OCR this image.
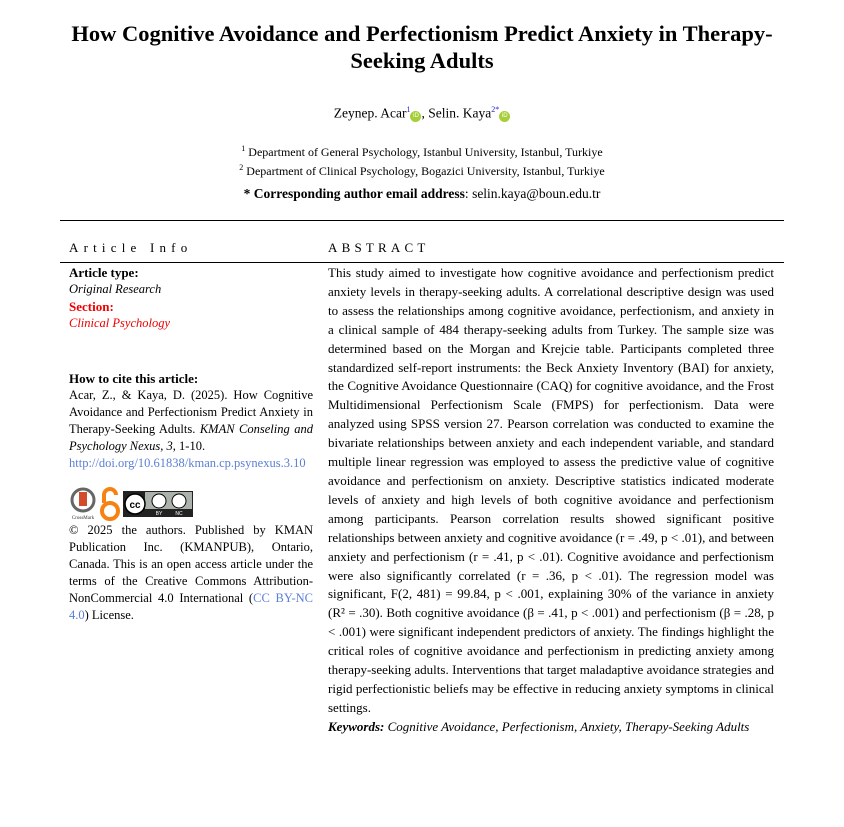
How Cognitive Avoidance and Perfectionism Predict Anxiety in Therapy-Seeking Adults
Zeynep. Acar$^1$iD , Selin. Kaya$^{2*}$iD
$^1$ Department of General Psychology, Istanbul University, Istanbul, Turkiye
$^2$ Department of Clinical Psychology, Bogazici University, Istanbul, Turkiye
* Corresponding author email address: selin.kaya@boun.edu.tr
Article Info	ABSTRACT
Article type:
Original Research
Section:
Clinical Psychology
How to cite this article:
Acar, Z., & Kaya, D. (2025). How Cognitive Avoidance and Perfectionism Predict Anxiety in Therapy-Seeking Adults. KMAN Conseling and Psychology Nexus, 3, 1-10.
http://doi.org/10.61838/kman.cp.psynexus.3.10
CrossMark
cc
BY	NC
© 2025 the authors. Published by KMAN Publication Inc. (KMANPUB), Ontario, Canada. This is an open access article under the terms of the Creative Commons Attribution-NonCommercial 4.0 International (CC BY-NC 4.0) License.
This study aimed to investigate how cognitive avoidance and perfectionism predict anxiety levels in therapy-seeking adults. A correlational descriptive design was used to assess the relationships among cognitive avoidance, perfectionism, and anxiety in a clinical sample of 484 therapy-seeking adults from Turkey. The sample size was determined based on the Morgan and Krejcie table. Participants completed three standardized self-report instruments: the Beck Anxiety Inventory (BAI) for anxiety, the Cognitive Avoidance Questionnaire (CAQ) for cognitive avoidance, and the Frost Multidimensional Perfectionism Scale (FMPS) for perfectionism. Data were analyzed using SPSS version 27. Pearson correlation was conducted to examine the bivariate relationships between anxiety and each independent variable, and standard multiple linear regression was employed to assess the predictive value of cognitive avoidance and perfectionism on anxiety. Descriptive statistics indicated moderate levels of anxiety and high levels of both cognitive avoidance and perfectionism among participants. Pearson correlation results showed significant positive relationships between anxiety and cognitive avoidance (r = .49, p < .01), and between anxiety and perfectionism (r = .41, p < .01). Cognitive avoidance and perfectionism were also significantly correlated (r = .36, p < .01). The regression model was significant, F(2, 481) = 99.84, p < .001, explaining 30% of the variance in anxiety (R² = .30). Both cognitive avoidance (β = .41, p < .001) and perfectionism (β = .28, p < .001) were significant independent predictors of anxiety. The findings highlight the critical roles of cognitive avoidance and perfectionism in predicting anxiety among therapy-seeking adults. Interventions that target maladaptive avoidance strategies and rigid perfectionistic beliefs may be effective in reducing anxiety symptoms in clinical settings.
Keywords: Cognitive Avoidance, Perfectionism, Anxiety, Therapy-Seeking Adults
